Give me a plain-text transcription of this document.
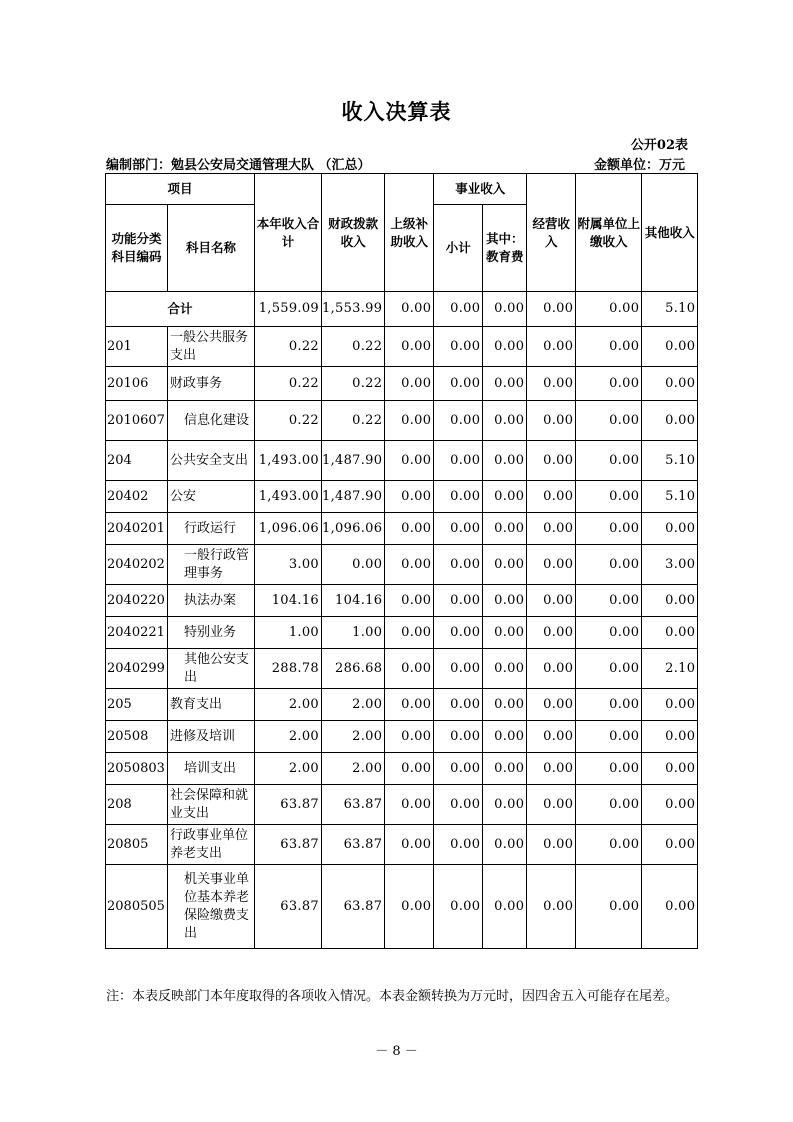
收入决算表
公开02表
编制部门：勉县公安局交通管理大队 （汇总）	金额单位：万元
项目		本年收入合计	财政拨款收入	上级补助收入	事业收入		经营收入	附属单位上缴收入	其他收入
功能分类科目编码	科目名称				小计	其中：教育费			
合计		1,559.09	1,553.99	0.00	0.00	0.00	0.00	0.00	5.10
201	一般公共服务支出	0.22	0.22	0.00	0.00	0.00	0.00	0.00	0.00
20106	财政事务	0.22	0.22	0.00	0.00	0.00	0.00	0.00	0.00
2010607	信息化建设	0.22	0.22	0.00	0.00	0.00	0.00	0.00	0.00
204	公共安全支出	1,493.00	1,487.90	0.00	0.00	0.00	0.00	0.00	5.10
20402	公安	1,493.00	1,487.90	0.00	0.00	0.00	0.00	0.00	5.10
2040201	行政运行	1,096.06	1,096.06	0.00	0.00	0.00	0.00	0.00	0.00
2040202	一般行政管理事务	3.00	0.00	0.00	0.00	0.00	0.00	0.00	3.00
2040220	执法办案	104.16	104.16	0.00	0.00	0.00	0.00	0.00	0.00
2040221	特别业务	1.00	1.00	0.00	0.00	0.00	0.00	0.00	0.00
2040299	其他公安支出	288.78	286.68	0.00	0.00	0.00	0.00	0.00	2.10
205	教育支出	2.00	2.00	0.00	0.00	0.00	0.00	0.00	0.00
20508	进修及培训	2.00	2.00	0.00	0.00	0.00	0.00	0.00	0.00
2050803	培训支出	2.00	2.00	0.00	0.00	0.00	0.00	0.00	0.00
208	社会保障和就业支出	63.87	63.87	0.00	0.00	0.00	0.00	0.00	0.00
20805	行政事业单位养老支出	63.87	63.87	0.00	0.00	0.00	0.00	0.00	0.00
2080505	机关事业单位基本养老保险缴费支出	63.87	63.87	0.00	0.00	0.00	0.00	0.00	0.00
注：本表反映部门本年度取得的各项收入情况。本表金额转换为万元时，因四舍五入可能存在尾差。
－ 8 －
